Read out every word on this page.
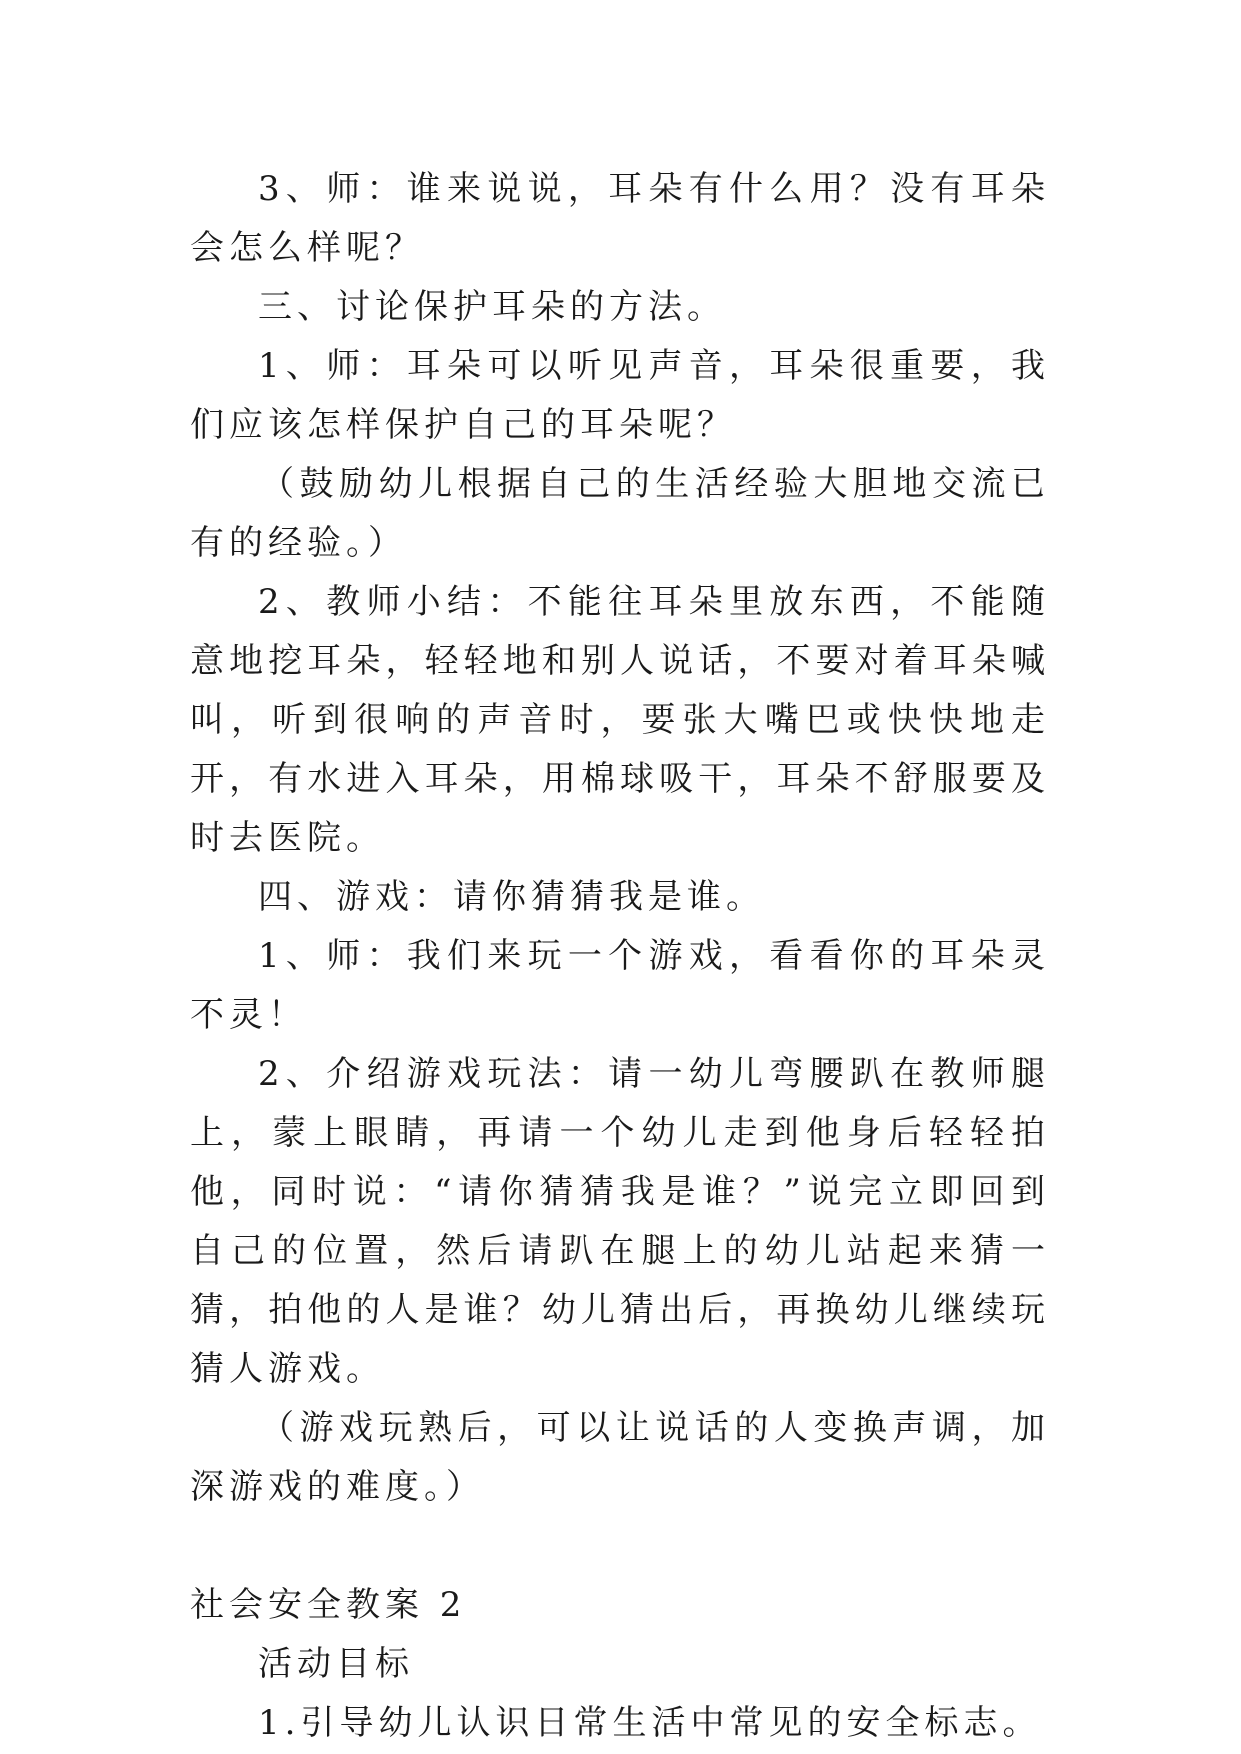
3、师：谁来说说，耳朵有什么用？没有耳朵会怎么样呢？

三、讨论保护耳朵的方法。

1、师：耳朵可以听见声音，耳朵很重要，我们应该怎样保护自己的耳朵呢？

（鼓励幼儿根据自己的生活经验大胆地交流已有的经验。）

2、教师小结：不能往耳朵里放东西，不能随意地挖耳朵，轻轻地和别人说话，不要对着耳朵喊叫，听到很响的声音时，要张大嘴巴或快快地走开，有水进入耳朵，用棉球吸干，耳朵不舒服要及时去医院。

四、游戏：请你猜猜我是谁。

1、师：我们来玩一个游戏，看看你的耳朵灵不灵！

2、介绍游戏玩法：请一幼儿弯腰趴在教师腿上，蒙上眼睛，再请一个幼儿走到他身后轻轻拍他，同时说：“请你猜猜我是谁？”说完立即回到自己的位置，然后请趴在腿上的幼儿站起来猜一猜，拍他的人是谁？幼儿猜出后，再换幼儿继续玩猜人游戏。

（游戏玩熟后，可以让说话的人变换声调，加深游戏的难度。）

社会安全教案 2

活动目标

1.引导幼儿认识日常生活中常见的安全标志。
